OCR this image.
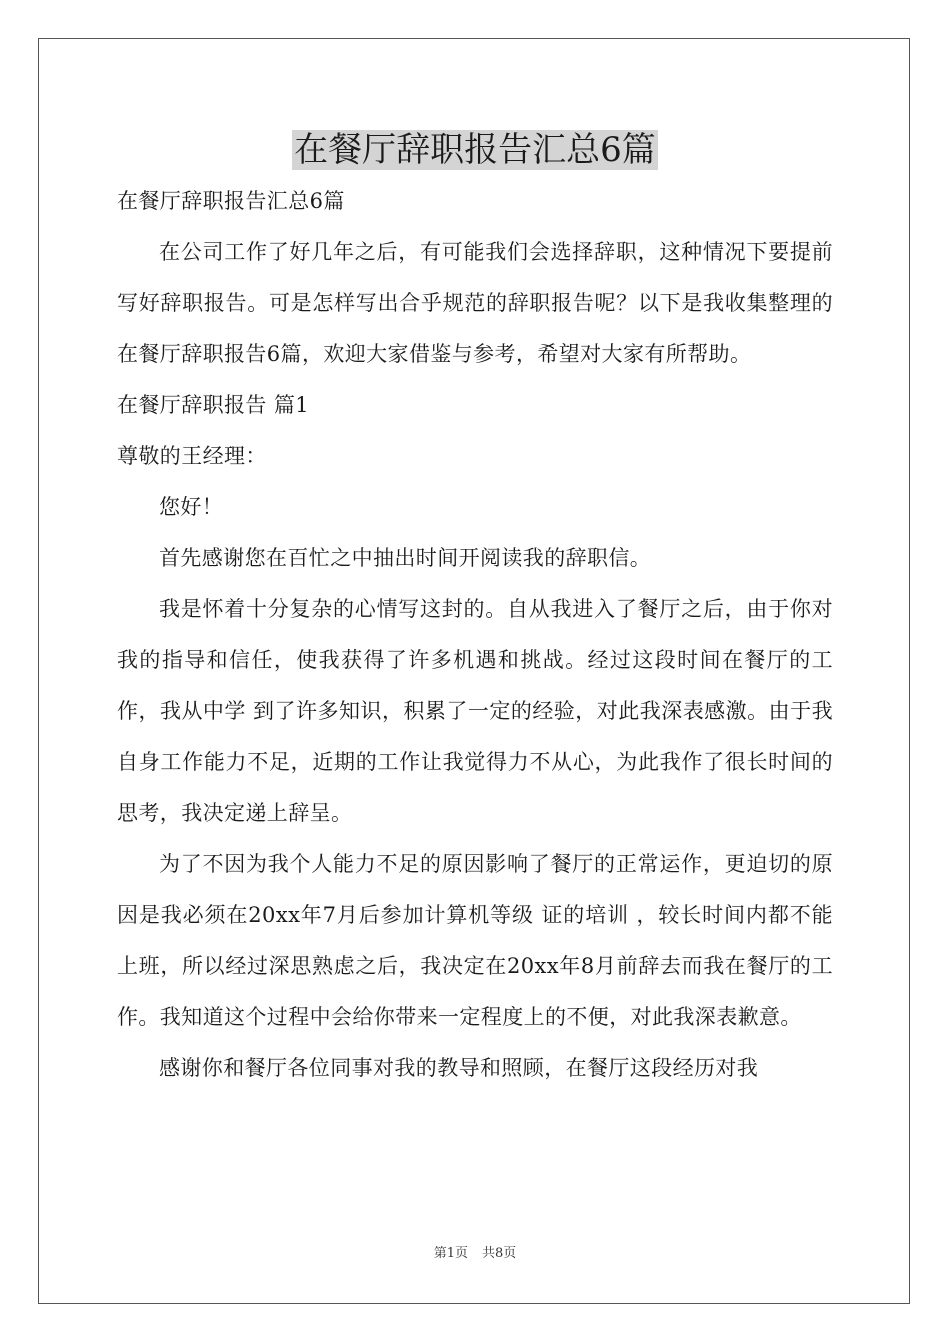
在餐厅辞职报告汇总6篇

在餐厅辞职报告汇总6篇

在公司工作了好几年之后，有可能我们会选择辞职，这种情况下要提前写好辞职报告。可是怎样写出合乎规范的辞职报告呢？以下是我收集整理的在餐厅辞职报告6篇，欢迎大家借鉴与参考，希望对大家有所帮助。

在餐厅辞职报告 篇1

尊敬的王经理：

您好！

首先感谢您在百忙之中抽出时间开阅读我的辞职信。

我是怀着十分复杂的心情写这封的。自从我进入了餐厅之后，由于你对我的指导和信任，使我获得了许多机遇和挑战。经过这段时间在餐厅的工作，我从中学 到了许多知识，积累了一定的经验，对此我深表感激。由于我自身工作能力不足，近期的工作让我觉得力不从心，为此我作了很长时间的思考，我决定递上辞呈。

为了不因为我个人能力不足的原因影响了餐厅的正常运作，更迫切的原因是我必须在20xx年7月后参加计算机等级 证的培训 ，较长时间内都不能上班，所以经过深思熟虑之后，我决定在20xx年8月前辞去而我在餐厅的工作。我知道这个过程中会给你带来一定程度上的不便，对此我深表歉意。

感谢你和餐厅各位同事对我的教导和照顾，在餐厅这段经历对我

第1页 共8页
